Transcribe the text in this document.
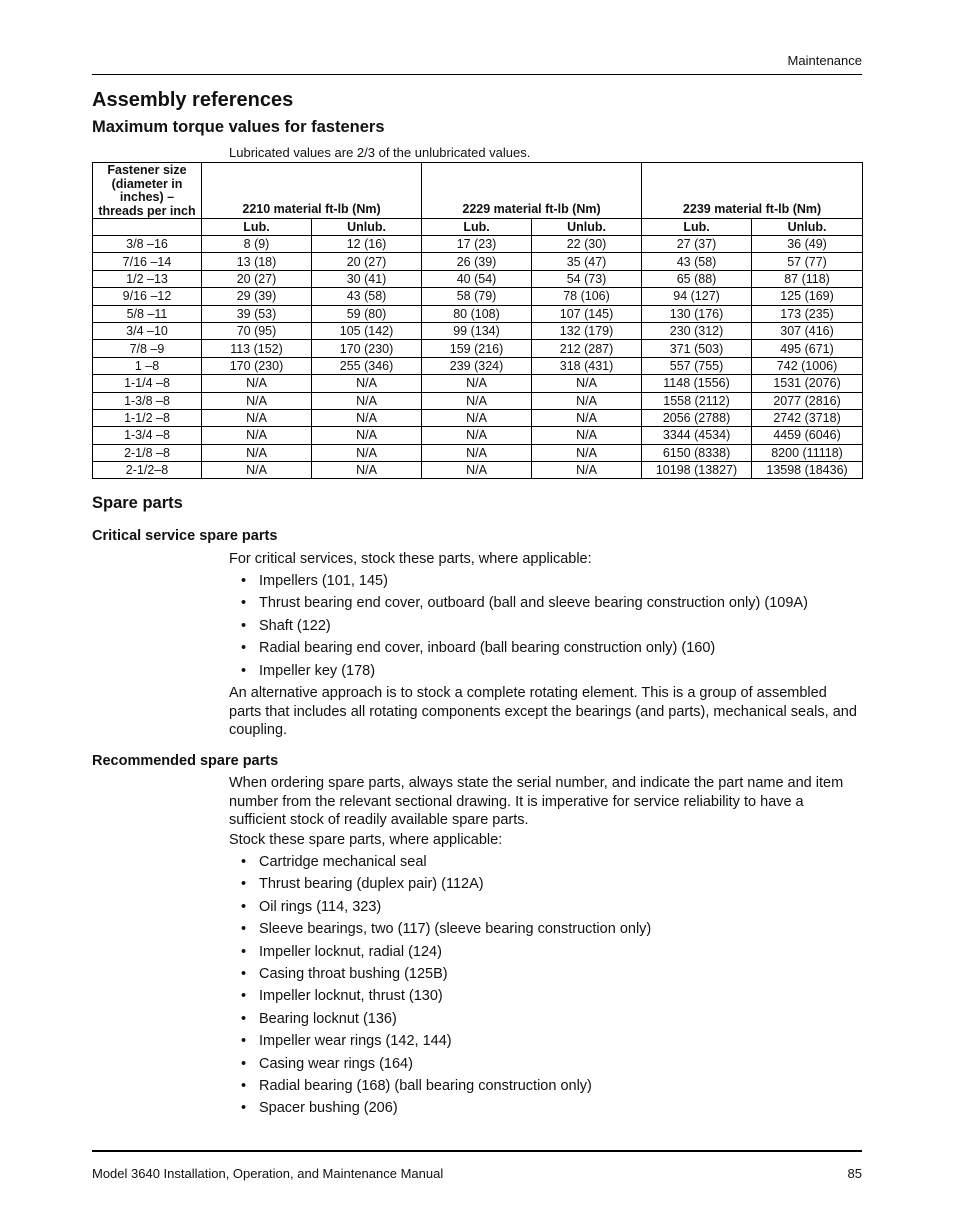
Maintenance
Assembly references
Maximum torque values for fasteners
Lubricated values are 2/3 of the unlubricated values.
Fastener size
(diameter in
inches) –
threads per inch	2210 material ft-lb (Nm)		2229 material ft-lb (Nm)		2239 material ft-lb (Nm)	
	Lub.	Unlub.	Lub.	Unlub.	Lub.	Unlub.
3/8 –16	8 (9)	12 (16)	17 (23)	22 (30)	27 (37)	36 (49)
7/16 –14	13 (18)	20 (27)	26 (39)	35 (47)	43 (58)	57 (77)
1/2 –13	20 (27)	30 (41)	40 (54)	54 (73)	65 (88)	87 (118)
9/16 –12	29 (39)	43 (58)	58 (79)	78 (106)	94 (127)	125 (169)
5/8 –11	39 (53)	59 (80)	80 (108)	107 (145)	130 (176)	173 (235)
3/4 –10	70 (95)	105 (142)	99 (134)	132 (179)	230 (312)	307 (416)
7/8 –9	113 (152)	170 (230)	159 (216)	212 (287)	371 (503)	495 (671)
1 –8	170 (230)	255 (346)	239 (324)	318 (431)	557 (755)	742 (1006)
1-1/4 –8	N/A	N/A	N/A	N/A	1148 (1556)	1531 (2076)
1-3/8 –8	N/A	N/A	N/A	N/A	1558 (2112)	2077 (2816)
1-1/2 –8	N/A	N/A	N/A	N/A	2056 (2788)	2742 (3718)
1-3/4 –8	N/A	N/A	N/A	N/A	3344 (4534)	4459 (6046)
2-1/8 –8	N/A	N/A	N/A	N/A	6150 (8338)	8200 (11118)
2-1/2–8	N/A	N/A	N/A	N/A	10198 (13827)	13598 (18436)
Spare parts
Critical service spare parts

For critical services, stock these parts, where applicable:

• Impellers (101, 145)
• Thrust bearing end cover, outboard (ball and sleeve bearing construction only) (109A)
• Shaft (122)
• Radial bearing end cover, inboard (ball bearing construction only) (160)
• Impeller key (178)

An alternative approach is to stock a complete rotating element. This is a group of assembled parts that includes all rotating components except the bearings (and parts), mechanical seals, and coupling.

Recommended spare parts

When ordering spare parts, always state the serial number, and indicate the part name and item number from the relevant sectional drawing. It is imperative for service reliability to have a sufficient stock of readily available spare parts.

Stock these spare parts, where applicable:

• Cartridge mechanical seal
• Thrust bearing (duplex pair) (112A)
• Oil rings (114, 323)
• Sleeve bearings, two (117) (sleeve bearing construction only)
• Impeller locknut, radial (124)
• Casing throat bushing (125B)
• Impeller locknut, thrust (130)
• Bearing locknut (136)
• Impeller wear rings (142, 144)
• Casing wear rings (164)
• Radial bearing (168) (ball bearing construction only)
• Spacer bushing (206)
Model 3640 Installation, Operation, and Maintenance Manual	85
